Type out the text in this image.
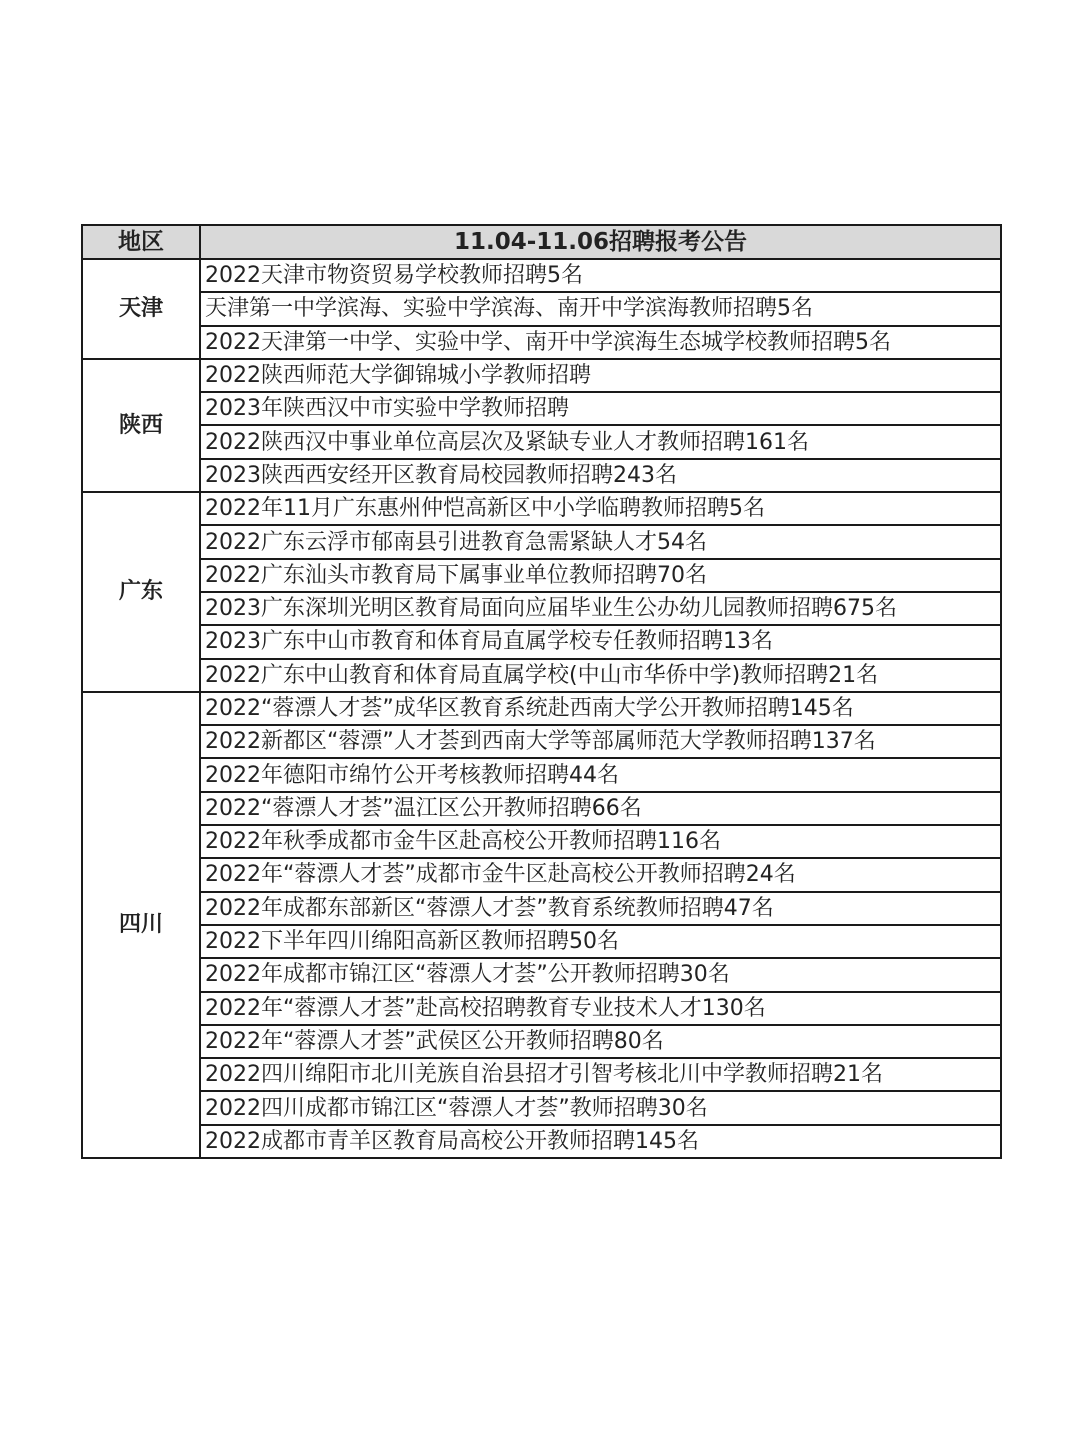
地区	11.04-11.06招聘报考公告
天津	2022天津市物资贸易学校教师招聘5名
	天津第一中学滨海、实验中学滨海、南开中学滨海教师招聘5名
	2022天津第一中学、实验中学、南开中学滨海生态城学校教师招聘5名
陕西	2022陕西师范大学御锦城小学教师招聘
	2023年陕西汉中市实验中学教师招聘
	2022陕西汉中事业单位高层次及紧缺专业人才教师招聘161名
	2023陕西西安经开区教育局校园教师招聘243名
广东	2022年11月广东惠州仲恺高新区中小学临聘教师招聘5名
	2022广东云浮市郁南县引进教育急需紧缺人才54名
	2022广东汕头市教育局下属事业单位教师招聘70名
	2023广东深圳光明区教育局面向应届毕业生公办幼儿园教师招聘675名
	2023广东中山市教育和体育局直属学校专任教师招聘13名
	2022广东中山教育和体育局直属学校(中山市华侨中学)教师招聘21名
四川	2022“蓉漂人才荟”成华区教育系统赴西南大学公开教师招聘145名
	2022新都区“蓉漂”人才荟到西南大学等部属师范大学教师招聘137名
	2022年德阳市绵竹公开考核教师招聘44名
	2022“蓉漂人才荟”温江区公开教师招聘66名
	2022年秋季成都市金牛区赴高校公开教师招聘116名
	2022年“蓉漂人才荟”成都市金牛区赴高校公开教师招聘24名
	2022年成都东部新区“蓉漂人才荟”教育系统教师招聘47名
	2022下半年四川绵阳高新区教师招聘50名
	2022年成都市锦江区“蓉漂人才荟”公开教师招聘30名
	2022年“蓉漂人才荟”赴高校招聘教育专业技术人才130名
	2022年“蓉漂人才荟”武侯区公开教师招聘80名
	2022四川绵阳市北川羌族自治县招才引智考核北川中学教师招聘21名
	2022四川成都市锦江区“蓉漂人才荟”教师招聘30名
	2022成都市青羊区教育局高校公开教师招聘145名
